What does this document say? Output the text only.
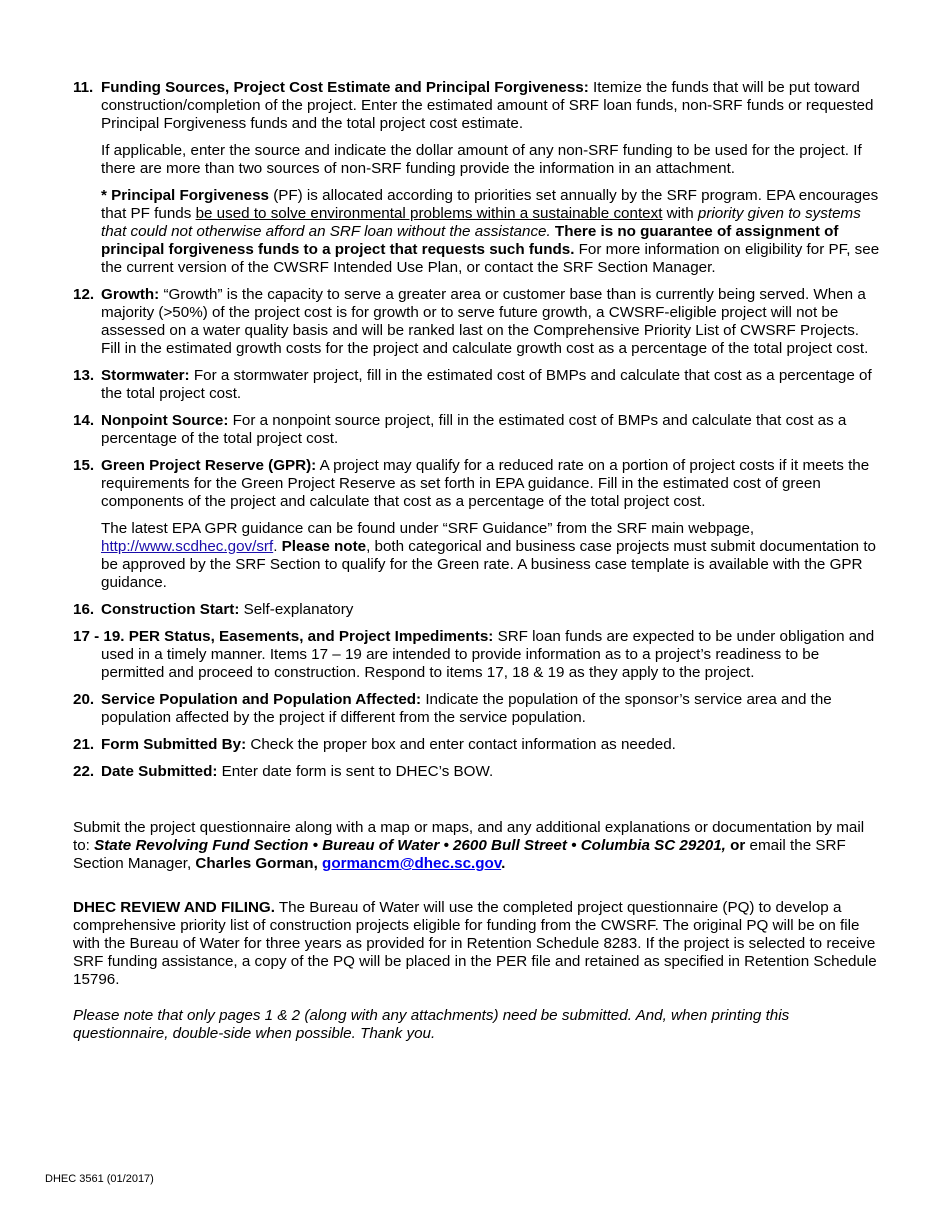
11. Funding Sources, Project Cost Estimate and Principal Forgiveness: Itemize the funds that will be put toward construction/completion of the project. Enter the estimated amount of SRF loan funds, non-SRF funds or requested Principal Forgiveness funds and the total project cost estimate.
If applicable, enter the source and indicate the dollar amount of any non-SRF funding to be used for the project. If there are more than two sources of non-SRF funding provide the information in an attachment.
* Principal Forgiveness (PF) is allocated according to priorities set annually by the SRF program. EPA encourages that PF funds be used to solve environmental problems within a sustainable context with priority given to systems that could not otherwise afford an SRF loan without the assistance. There is no guarantee of assignment of principal forgiveness funds to a project that requests such funds. For more information on eligibility for PF, see the current version of the CWSRF Intended Use Plan, or contact the SRF Section Manager.
12. Growth: “Growth” is the capacity to serve a greater area or customer base than is currently being served. When a majority (>50%) of the project cost is for growth or to serve future growth, a CWSRF-eligible project will not be assessed on a water quality basis and will be ranked last on the Comprehensive Priority List of CWSRF Projects. Fill in the estimated growth costs for the project and calculate growth cost as a percentage of the total project cost.
13. Stormwater: For a stormwater project, fill in the estimated cost of BMPs and calculate that cost as a percentage of the total project cost.
14. Nonpoint Source: For a nonpoint source project, fill in the estimated cost of BMPs and calculate that cost as a percentage of the total project cost.
15. Green Project Reserve (GPR): A project may qualify for a reduced rate on a portion of project costs if it meets the requirements for the Green Project Reserve as set forth in EPA guidance. Fill in the estimated cost of green components of the project and calculate that cost as a percentage of the total project cost.
The latest EPA GPR guidance can be found under “SRF Guidance” from the SRF main webpage, http://www.scdhec.gov/srf. Please note, both categorical and business case projects must submit documentation to be approved by the SRF Section to qualify for the Green rate. A business case template is available with the GPR guidance.
16. Construction Start: Self-explanatory
17 - 19. PER Status, Easements, and Project Impediments: SRF loan funds are expected to be under obligation and used in a timely manner. Items 17 – 19 are intended to provide information as to a project’s readiness to be permitted and proceed to construction. Respond to items 17, 18 & 19 as they apply to the project.
20. Service Population and Population Affected: Indicate the population of the sponsor’s service area and the population affected by the project if different from the service population.
21. Form Submitted By: Check the proper box and enter contact information as needed.
22. Date Submitted: Enter date form is sent to DHEC’s BOW.
Submit the project questionnaire along with a map or maps, and any additional explanations or documentation by mail to: State Revolving Fund Section • Bureau of Water • 2600 Bull Street • Columbia SC 29201, or email the SRF Section Manager, Charles Gorman, gormancm@dhec.sc.gov.
DHEC REVIEW AND FILING. The Bureau of Water will use the completed project questionnaire (PQ) to develop a comprehensive priority list of construction projects eligible for funding from the CWSRF. The original PQ will be on file with the Bureau of Water for three years as provided for in Retention Schedule 8283. If the project is selected to receive SRF funding assistance, a copy of the PQ will be placed in the PER file and retained as specified in Retention Schedule 15796.
Please note that only pages 1 & 2 (along with any attachments) need be submitted. And, when printing this questionnaire, double-side when possible. Thank you.
DHEC 3561 (01/2017)
